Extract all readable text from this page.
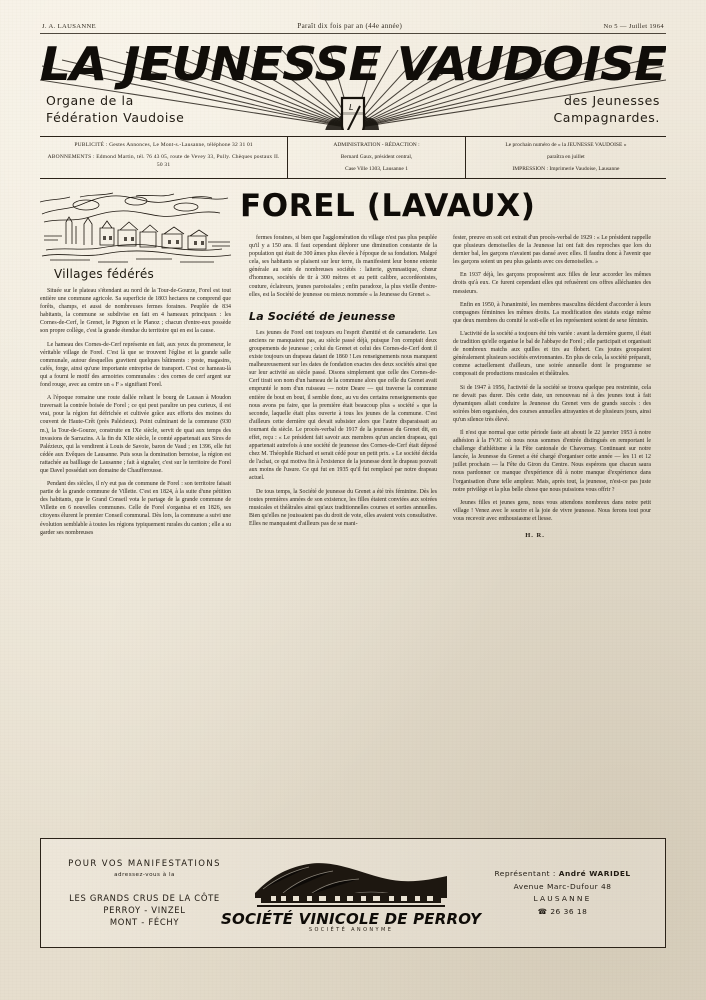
J. A. LAUSANNE	Paraît dix fois par an (44e année)	No 5 — Juillet 1964
LA JEUNESSE VAUDOISE
Organe de la
Fédération Vaudoise
L	des Jeunesses
Campagnardes.

PUBLICITÉ : Gestes Annonces, Le Mont-s.-Lausanne, téléphone 32 31 01

ABONNEMENTS : Edmond Martin, tél. 76 43 05, route de Vevey 33, Pully. Chèques postaux II. 50 31

ADMINISTRATION - RÉDACTION :

Bernard Gaux, président central,

Case Ville 1303, Lausanne 1

Le prochain numéro de « la JEUNESSE VAUDOISE »

paraîtra en juillet

IMPRESSION : Imprimerie Vaudoise, Lausanne

Villages fédérés

Située sur le plateau s'étendant au nord de la Tour-de-Gourze, Forel est tout entière une commune agricole. Sa superficie de 1803 hectares ne comprend que forêts, champs, et aussi de nombreuses fermes foraines. Peuplée de 834 habitants, la commune se subdivise en fait en 4 hameaux principaux : les Cornes-de-Cerf, le Grenet, le Pignon et le Planoz ; chacun d'entre-eux possède son propre collège, c'est la grande étendue du territoire qui en est la cause.

Le hameau des Cornes-de-Cerf représente en fait, aux yeux du promeneur, le véritable village de Forel. C'est là que se trouvent l'église et la grande salle communale, autour desquelles gravitent quelques bâtiments : poste, magasins, cafés, forge, ainsi qu'une importante entreprise de transport. C'est ce hameau-là qui a fourni le motif des armoiries communales : des cornes de cerf argent sur fond rouge, avec au centre un « F » signifiant Forel.

A l'époque romaine une route dallée reliant le bourg de Lausan à Moudon traversait la contrée boisée de Forel ; ce qui peut paraître un peu curieux, il est vrai, pour la région fut défrichée et cultivée grâce aux efforts des moines du couvent de Haute-Crêt (près Palézieux). Point culminant de la commune (930 m.), la Tour-de-Gourze, construite en IXe siècle, servit de quai aux temps des invasions de Sarrazins. A la fin du XIIe siècle, le comté appartenait aux Sires de Palézieux, qui la vendirent à Louis de Savoie, baron de Vaud ; en 1396, elle fut cédée aux Evêques de Lausanne. Puis sous la domination bernoise, la région est rattachée au bailliage de Lausanne ; fait à signaler, c'est sur le territoire de Forel que Davel possédait son domaine de Chaufferousse.

Pendant des siècles, il n'y eut pas de commune de Forel : son territoire faisait partie de la grande commune de Villette. C'est en 1824, à la suite d'une pétition des habitants, que le Grand Conseil vota le partage de la grande commune de Villette en 6 nouvelles communes. Celle de Forel s'organisa et en 1826, ses citoyens élurent le premier Conseil communal. Dès lors, la commune a suivi une évolution semblable à toutes les régions typiquement rurales du canton ; elle a su garder ses nombreuses

FOREL (LAVAUX)

fermes foraines, si bien que l'agglomération du village n'est pas plus peuplée qu'il y a 150 ans. Il faut cependant déplorer une diminution constante de la population qui était de 300 âmes plus élevée à l'époque de sa fondation. Malgré cela, ses habitants se plaisent sur leur terre, ils manifestent leur bonne entente générale au sein de nombreuses sociétés : laiterie, gymnastique, chœur d'hommes, sociétés de tir à 300 mètres et au petit calibre, accordéonistes, couture, éclaireurs, jeunes paroissiales ; enfin paradoxe, la plus vieille d'entre-elles, est la Société de jeunesse ou mieux nommée « la Jeunesse du Grenet ».

La Société de jeunesse

Les jeunes de Forel ont toujours eu l'esprit d'amitié et de camaraderie. Les anciens ne manquaient pas, au siècle passé déjà, puisque l'on comptait deux groupements de jeunesse ; celui du Grenet et celui des Cornes-de-Cerf dont il existe toujours un drapeau datant de 1860 ! Les renseignements nous manquent malheureusement sur les dates de fondation exactes des deux sociétés ainsi que sur leur activité au siècle passé. Disons simplement que celle des Cornes-de-Cerf tirait son nom d'un hameau de la commune alors que celle du Grenet avait emprunté le nom d'un ruisseau — notre Deare — qui traverse la commune entière de bout en bout, il semble donc, au vu des certains renseignements que nous avons pu faire, que la première était beaucoup plus « société » que la seconde, laquelle était plus ouverte à tous les jeunes de la commune. C'est d'ailleurs cette dernière qui devait subsister alors que l'autre disparaissait au tournant du siècle. Le procès-verbal de 1917 de la jeunesse du Grenet dit, en effet, reçu : « Le président fait savoir aux membres qu'un ancien drapeau, qui appartenait autrefois à une société de jeunesse des Cornes-de-Cerf était déposé chez M. Théophile Richard et serait cédé pour un petit prix. » Le société décida de l'achat, ce qui motiva fin à l'existence de la jeunesse dont le drapeau pouvait aux moins de l'usure. Ce qui fut en 1935 qu'il fut remplacé par notre drapeau actuel.

De tous temps, la Société de jeunesse du Grenet a été très féminine. Dès les toutes premières années de son existence, les filles étaient conviées aux soirées musicales et théâtrales ainsi qu'aux traditionnelles courses et sorties annuelles. Bien qu'elles ne jouissaient pas du droit de vote, elles avaient voix consultative. Elles ne manquaient d'ailleurs pas de se mani-

fester, preuve en soit cet extrait d'un procès-verbal de 1929 : « Le président rappelle que plusieurs demoiselles de la Jeunesse lui ont fait des reproches que lors du dernier bal, les garçons n'avaient pas dansé avec elles. Il faudra donc à l'avenir que les garçons soient un peu plus galants avec ces demoiselles. »

En 1937 déjà, les garçons proposèrent aux filles de leur accorder les mêmes droits qu'à eux. Ce furent cependant elles qui refusèrent ces offres alléchantes des messieurs.

Enfin en 1950, à l'unanimité, les membres masculins décident d'accorder à leurs compagnes féminines les mêmes droits. La modification des statuts exige même que deux membres du comité le soit-elle et les représentent soient de sexe féminin.

L'activité de la société a toujours été très variée : avant la dernière guerre, il était de tradition qu'elle organise le bal de l'abbaye de Forel ; elle participait et organisait de nombreux matchs aux quilles et tirs au flobert. Ces joutes groupaient généralement plusieurs sociétés environnantes. En plus de cela, la société préparait, comme actuellement d'ailleurs, une soirée annuelle dont le programme se composait de productions musicales et théâtrales.

Si de 1947 à 1956, l'activité de la société se trouva quelque peu restreinte, cela ne devait pas durer. Dès cette date, un renouveau né à des jeunes tout à fait dynamiques allait conduire la Jeunesse du Grenet vers de grands succès : des soirées bien organisées, des courses annuelles attrayantes et de plusieurs jours, ainsi qu'un silence très élevé.

Il n'est que normal que cette période faste ait abouti le 22 janvier 1953 à notre adhésion à la FVJC où nous nous sommes d'entrée distingués en remportant le challenge d'athlétisme à la Fête cantonale de Chavornay. Continuant sur notre lancée, la Jeunesse du Grenet a été chargé d'organiser cette année — les 11 et 12 juillet prochain — la Fête du Giron du Centre. Nous espérons que chacun saura nous pardonner ce manque d'expérience dû à notre manque d'expérience dans l'organisation d'une telle ampleur. Mais, après tout, la jeunesse, n'est-ce pas juste notre privilège et la plus belle chose que nous puissions vous offrir ?

Jeunes filles et jeunes gens, nous vous attendons nombreux dans notre petit village ! Venez avec le sourire et la joie de vivre jeunesse. Nous ferons tout pour vous recevoir avec enthousiasme et liesse.

H. R.
POUR VOS MANIFESTATIONS
adressez-vous à la
LES GRANDS CRUS DE LA CÔTE
PERROY - VINZEL
MONT - FÉCHY	SOCIÉTÉ VINICOLE DE PERROY
SOCIÉTÉ ANONYME
Représentant : André WARIDEL
Avenue Marc-Dufour 48
LAUSANNE
☎ 26 36 18
